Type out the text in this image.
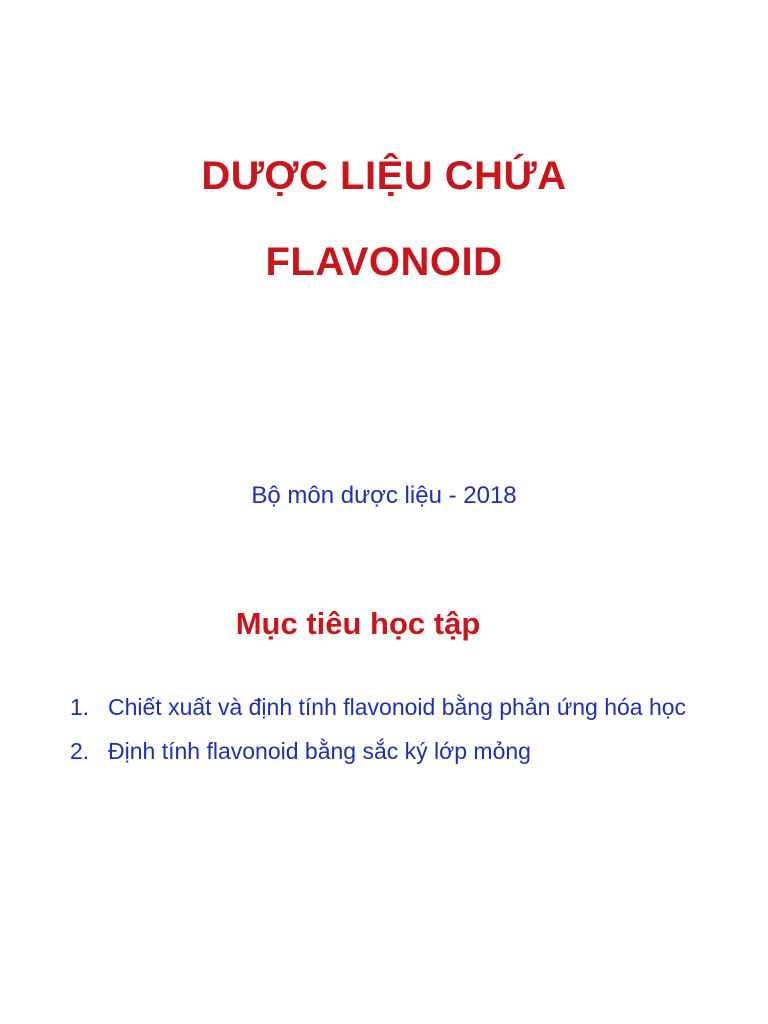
DƯỢC LIỆU CHỨA
FLAVONOID
Bộ môn dược liệu - 2018
Mục tiêu học tập
1. Chiết xuất và định tính flavonoid bằng phản ứng hóa học
2. Định tính flavonoid bằng sắc ký lớp mỏng
